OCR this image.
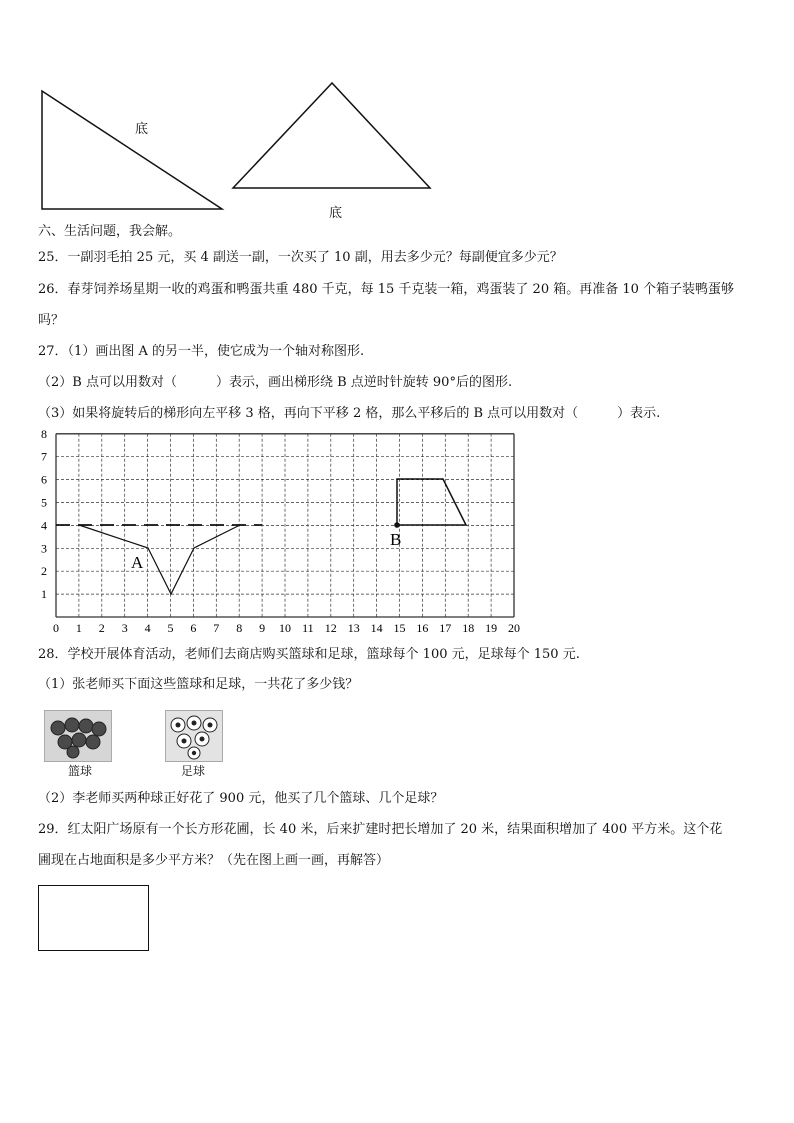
底
底
六、生活问题，我会解。
25．一副羽毛拍 25 元，买 4 副送一副，一次买了 10 副，用去多少元？每副便宜多少元？
26．春芽饲养场星期一收的鸡蛋和鸭蛋共重 480 千克，每 15 千克装一箱，鸡蛋装了 20 箱。再准备 10 个箱子装鸭蛋够
吗？
27．（1）画出图 A 的另一半，使它成为一个轴对称图形.
（2）B 点可以用数对（　　　）表示，画出梯形绕 B 点逆时针旋转 90°后的图形.
（3）如果将旋转后的梯形向左平移 3 格，再向下平移 2 格，那么平移后的 B 点可以用数对（　　　）表示.
0 1 2 3 4 5 6 7 8 9 10 11 12 13 14 15 16 17 18 19 20
1
2
3
4
5
6
7
8
A
B
28．学校开展体育活动，老师们去商店购买篮球和足球，篮球每个 100 元，足球每个 150 元.
（1）张老师买下面这些篮球和足球，一共花了多少钱？
篮球	足球
（2）李老师买两种球正好花了 900 元，他买了几个篮球、几个足球？
29．红太阳广场原有一个长方形花圃，长 40 米，后来扩建时把长增加了 20 米，结果面积增加了 400 平方米。这个花
圃现在占地面积是多少平方米？（先在图上画一画，再解答）
